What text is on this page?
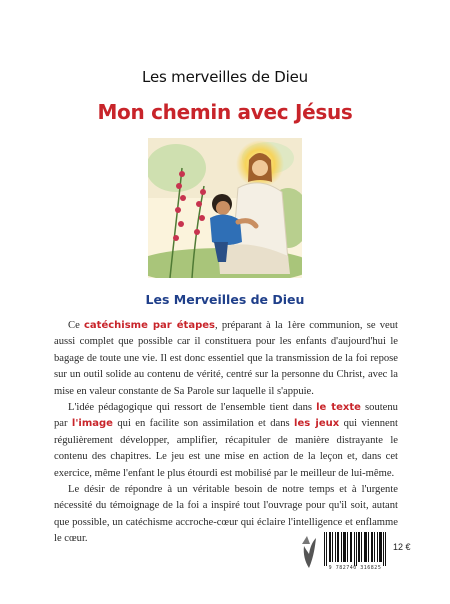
Les merveilles de Dieu
Mon chemin avec Jésus
Les Merveilles de Dieu

Ce catéchisme par étapes, préparant à la 1ère communion, se veut aussi complet que possible car il constituera pour les enfants d'aujourd'hui le bagage de toute une vie. Il est donc essentiel que la transmission de la foi repose sur un outil solide au contenu de vérité, centré sur la personne du Christ, avec la mise en valeur constante de Sa Parole sur laquelle il s'appuie.

L'idée pédagogique qui ressort de l'ensemble tient dans le texte soutenu par l'image qui en facilite son assimilation et dans les jeux qui viennent régulièrement développer, amplifier, récapituler de manière distrayante le contenu des chapitres. Le jeu est une mise en action de la leçon et, dans cet exercice, même l'enfant le plus étourdi est mobilisé par le meilleur de lui-même.

Le désir de répondre à un véritable besoin de notre temps et à l'urgente nécessité du témoignage de la foi a inspiré tout l'ouvrage pour qu'il soit, autant que possible, un catéchisme accroche-cœur qui éclaire l'intelligence et enflamme le cœur.

9 782740 316825
12 €
